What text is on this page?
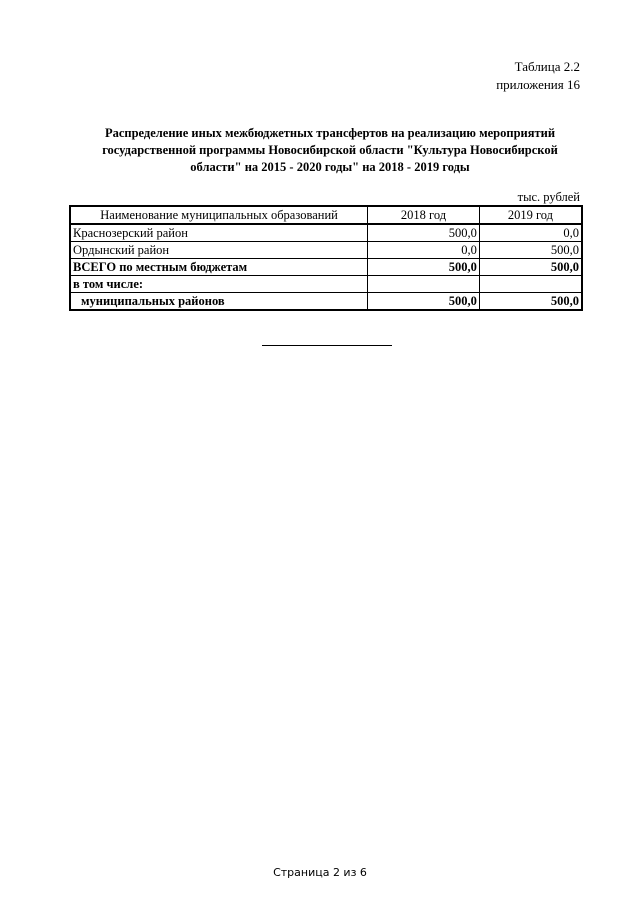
Таблица 2.2
приложения 16
Распределение иных межбюджетных трансфертов на реализацию мероприятий
государственной программы Новосибирской области "Культура Новосибирской
области" на 2015 - 2020 годы" на 2018 - 2019 годы
тыс. рублей
Наименование муниципальных образований	2018 год	2019 год
Краснозерский район	500,0	0,0
Ордынский район	0,0	500,0
ВСЕГО по местным бюджетам	500,0	500,0
в том числе:		
муниципальных районов	500,0	500,0
Страница 2 из 6
